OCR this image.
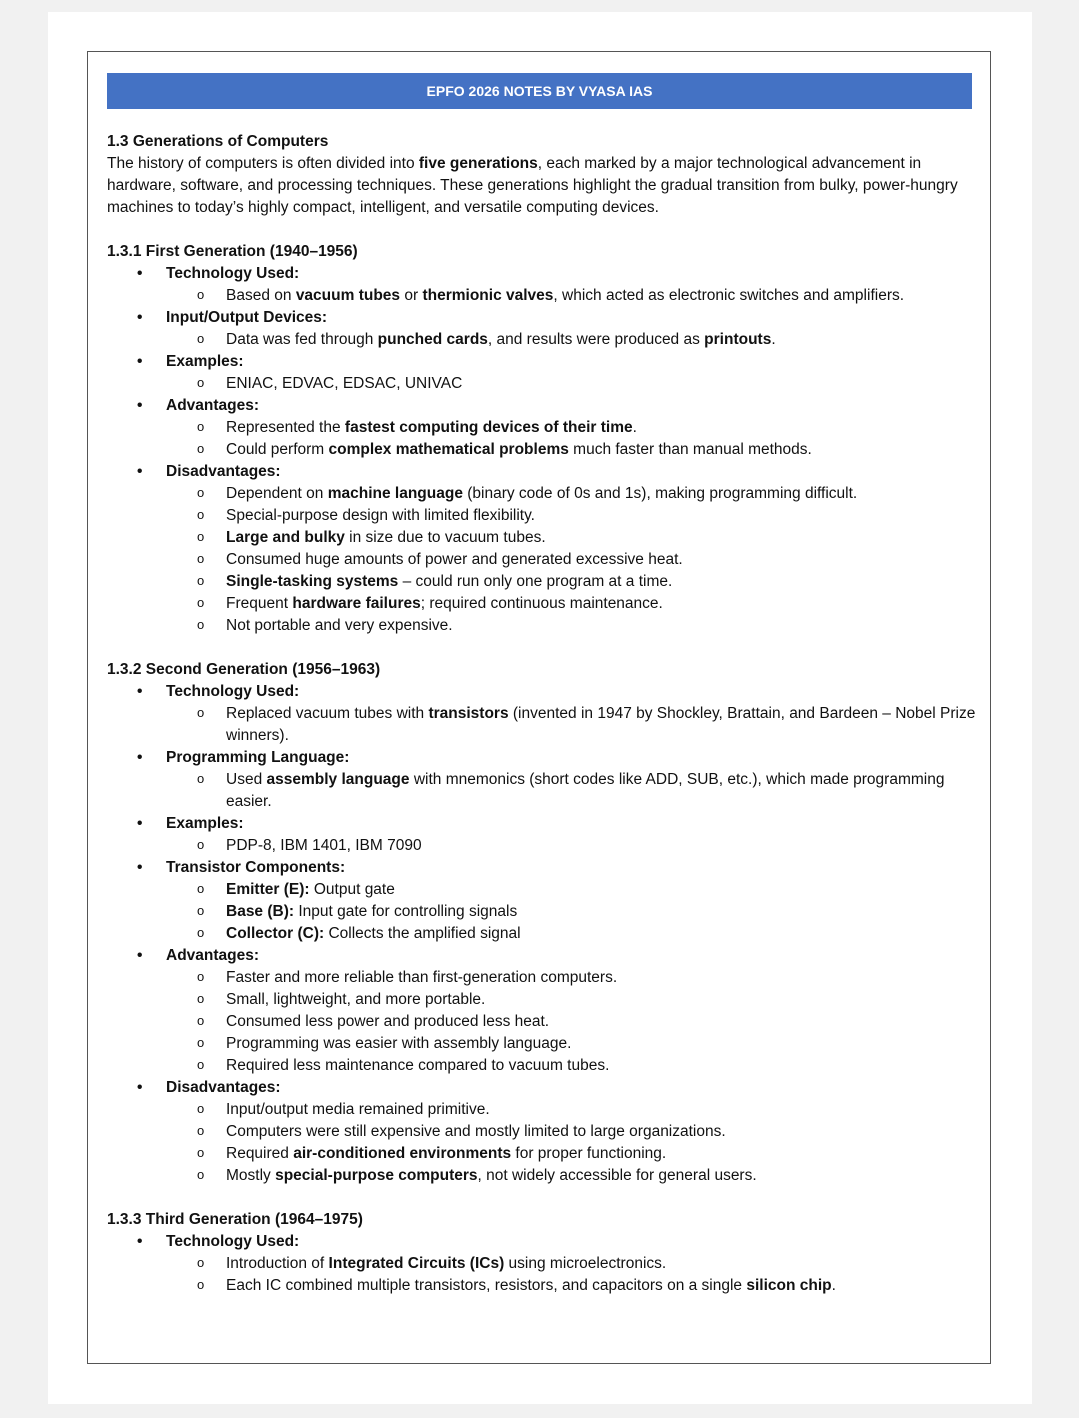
EPFO 2026 NOTES BY VYASA IAS
1.3 Generations of Computers
The history of computers is often divided into five generations, each marked by a major technological advancement in hardware, software, and processing techniques. These generations highlight the gradual transition from bulky, power-hungry machines to today’s highly compact, intelligent, and versatile computing devices.
1.3.1 First Generation (1940–1956)
• Technology Used:
o Based on vacuum tubes or thermionic valves, which acted as electronic switches and amplifiers.
• Input/Output Devices:
o Data was fed through punched cards, and results were produced as printouts.
• Examples:
o ENIAC, EDVAC, EDSAC, UNIVAC
• Advantages:
o Represented the fastest computing devices of their time.
o Could perform complex mathematical problems much faster than manual methods.
• Disadvantages:
o Dependent on machine language (binary code of 0s and 1s), making programming difficult.
o Special-purpose design with limited flexibility.
o Large and bulky in size due to vacuum tubes.
o Consumed huge amounts of power and generated excessive heat.
o Single-tasking systems – could run only one program at a time.
o Frequent hardware failures; required continuous maintenance.
o Not portable and very expensive.
1.3.2 Second Generation (1956–1963)
• Technology Used:
o Replaced vacuum tubes with transistors (invented in 1947 by Shockley, Brattain, and Bardeen – Nobel Prize winners).
• Programming Language:
o Used assembly language with mnemonics (short codes like ADD, SUB, etc.), which made programming easier.
• Examples:
o PDP-8, IBM 1401, IBM 7090
• Transistor Components:
o Emitter (E): Output gate
o Base (B): Input gate for controlling signals
o Collector (C): Collects the amplified signal
• Advantages:
o Faster and more reliable than first-generation computers.
o Small, lightweight, and more portable.
o Consumed less power and produced less heat.
o Programming was easier with assembly language.
o Required less maintenance compared to vacuum tubes.
• Disadvantages:
o Input/output media remained primitive.
o Computers were still expensive and mostly limited to large organizations.
o Required air-conditioned environments for proper functioning.
o Mostly special-purpose computers, not widely accessible for general users.
1.3.3 Third Generation (1964–1975)
• Technology Used:
o Introduction of Integrated Circuits (ICs) using microelectronics.
o Each IC combined multiple transistors, resistors, and capacitors on a single silicon chip.
